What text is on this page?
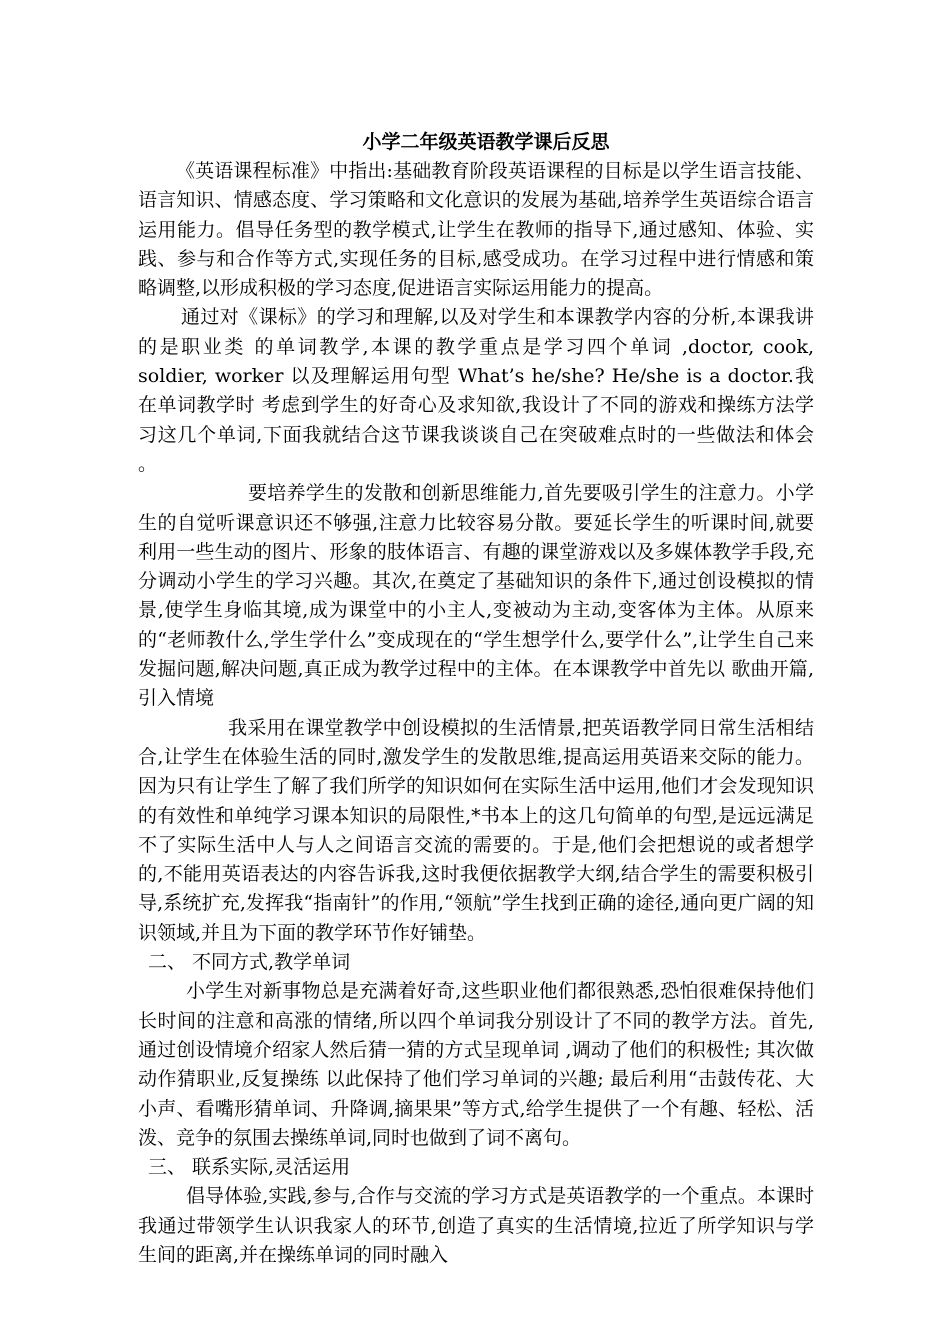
小学二年级英语教学课后反思

《英语课程标准》中指出:基础教育阶段英语课程的目标是以学生语言技能、语言知识、情感态度、学习策略和文化意识的发展为基础,培养学生英语综合语言运用能力。倡导任务型的教学模式,让学生在教师的指导下,通过感知、体验、实践、参与和合作等方式,实现任务的目标,感受成功。在学习过程中进行情感和策略调整,以形成积极的学习态度,促进语言实际运用能力的提高。

通过对《课标》的学习和理解,以及对学生和本课教学内容的分析,本课我讲的是职业类 的单词教学,本课的教学重点是学习四个单词 ,doctor, cook, soldier, worker 以及理解运用句型 What’s he/she? He/she is a doctor.我在单词教学时 考虑到学生的好奇心及求知欲,我设计了不同的游戏和操练方法学习这几个单词,下面我就结合这节课我谈谈自己在突破难点时的一些做法和体会 。

要培养学生的发散和创新思维能力,首先要吸引学生的注意力。小学生的自觉听课意识还不够强,注意力比较容易分散。要延长学生的听课时间,就要利用一些生动的图片、形象的肢体语言、有趣的课堂游戏以及多媒体教学手段,充分调动小学生的学习兴趣。其次,在奠定了基础知识的条件下,通过创设模拟的情景,使学生身临其境,成为课堂中的小主人,变被动为主动,变客体为主体。从原来的“老师教什么,学生学什么”变成现在的“学生想学什么,要学什么”,让学生自己来发掘问题,解决问题,真正成为教学过程中的主体。在本课教学中首先以 歌曲开篇,引入情境

我采用在课堂教学中创设模拟的生活情景,把英语教学同日常生活相结合,让学生在体验生活的同时,激发学生的发散思维,提高运用英语来交际的能力。因为只有让学生了解了我们所学的知识如何在实际生活中运用,他们才会发现知识的有效性和单纯学习课本知识的局限性,*书本上的这几句简单的句型,是远远满足不了实际生活中人与人之间语言交流的需要的。于是,他们会把想说的或者想学的,不能用英语表达的内容告诉我,这时我便依据教学大纲,结合学生的需要积极引导,系统扩充,发挥我“指南针”的作用,“领航”学生找到正确的途径,通向更广阔的知识领域,并且为下面的教学环节作好铺垫。

二、 不同方式,教学单词

小学生对新事物总是充满着好奇,这些职业他们都很熟悉,恐怕很难保持他们长时间的注意和高涨的情绪,所以四个单词我分别设计了不同的教学方法。首先,通过创设情境介绍家人然后猜一猜的方式呈现单词 ,调动了他们的积极性; 其次做动作猜职业,反复操练 以此保持了他们学习单词的兴趣; 最后利用“击鼓传花、大小声、看嘴形猜单词、升降调,摘果果”等方式,给学生提供了一个有趣、轻松、活泼、竞争的氛围去操练单词,同时也做到了词不离句。

三、 联系实际,灵活运用

倡导体验,实践,参与,合作与交流的学习方式是英语教学的一个重点。本课时我通过带领学生认识我家人的环节,创造了真实的生活情境,拉近了所学知识与学生间的距离,并在操练单词的同时融入
